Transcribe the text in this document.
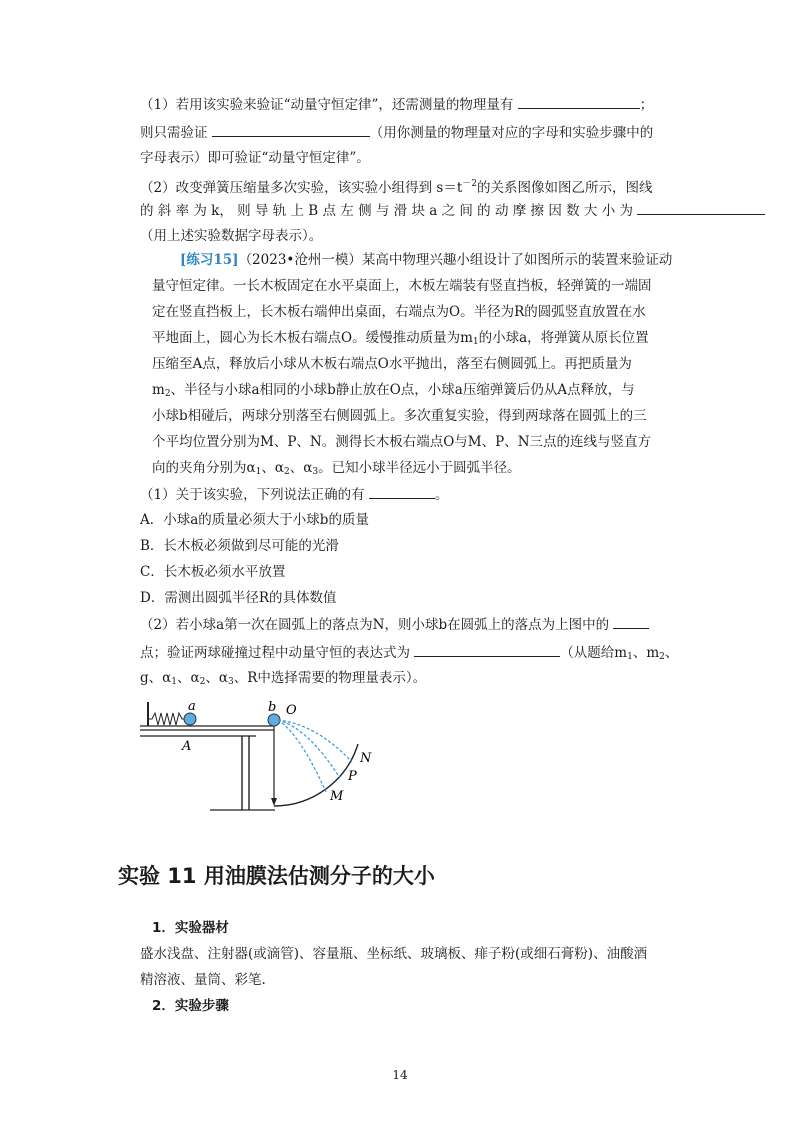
（1）若用该实验来验证“动量守恒定律”，还需测量的物理量有	；
则只需验证	（用你测量的物理量对应的字母和实验步骤中的
字母表示）即可验证“动量守恒定律”。
（2）改变弹簧压缩量多次实验，该实验小组得到 $s=t^{-2}$的关系图像如图乙所示，图线
的 斜 率 为 k， 则 导 轨 上 B 点 左 侧 与 滑 块 a 之 间 的 动 摩 擦 因 数 大 小 为
（用上述实验数据字母表示）。
[练习15]（2023•沧州一模）某高中物理兴趣小组设计了如图所示的装置来验证动
量守恒定律。一长木板固定在水平桌面上，木板左端装有竖直挡板，轻弹簧的一端固
定在竖直挡板上，长木板右端伸出桌面，右端点为O。半径为R的圆弧竖直放置在水
平地面上，圆心为长木板右端点O。缓慢推动质量为$m_1$的小球a，将弹簧从原长位置
压缩至A点，释放后小球从木板右端点O水平抛出，落至右侧圆弧上。再把质量为
$m_2$、半径与小球a相同的小球b静止放在O点，小球a压缩弹簧后仍从A点释放，与
小球b相碰后，两球分别落至右侧圆弧上。多次重复实验，得到两球落在圆弧上的三
个平均位置分别为M、P、N。测得长木板右端点O与M、P、N三点的连线与竖直方
向的夹角分别为$\alpha_1$、$\alpha_2$、$\alpha_3$。已知小球半径远小于圆弧半径。
（1）关于该实验，下列说法正确的有	。
A．小球a的质量必须大于小球b的质量
B．长木板必须做到尽可能的光滑
C．长木板必须水平放置
D．需测出圆弧半径R的具体数值
（2）若小球a第一次在圆弧上的落点为N，则小球b在圆弧上的落点为上图中的
点；验证两球碰撞过程中动量守恒的表达式为	（从题给$m_1$、$m_2$、
g、$\alpha_1$、$\alpha_2$、$\alpha_3$、R中选择需要的物理量表示）。
a	b O
A
N
P
M
实验 11 用油膜法估测分子的大小
1．实验器材
盛水浅盘、注射器(或滴管)、容量瓶、坐标纸、玻璃板、痱子粉(或细石膏粉)、油酸酒
精溶液、量筒、彩笔.
2．实验步骤
14
